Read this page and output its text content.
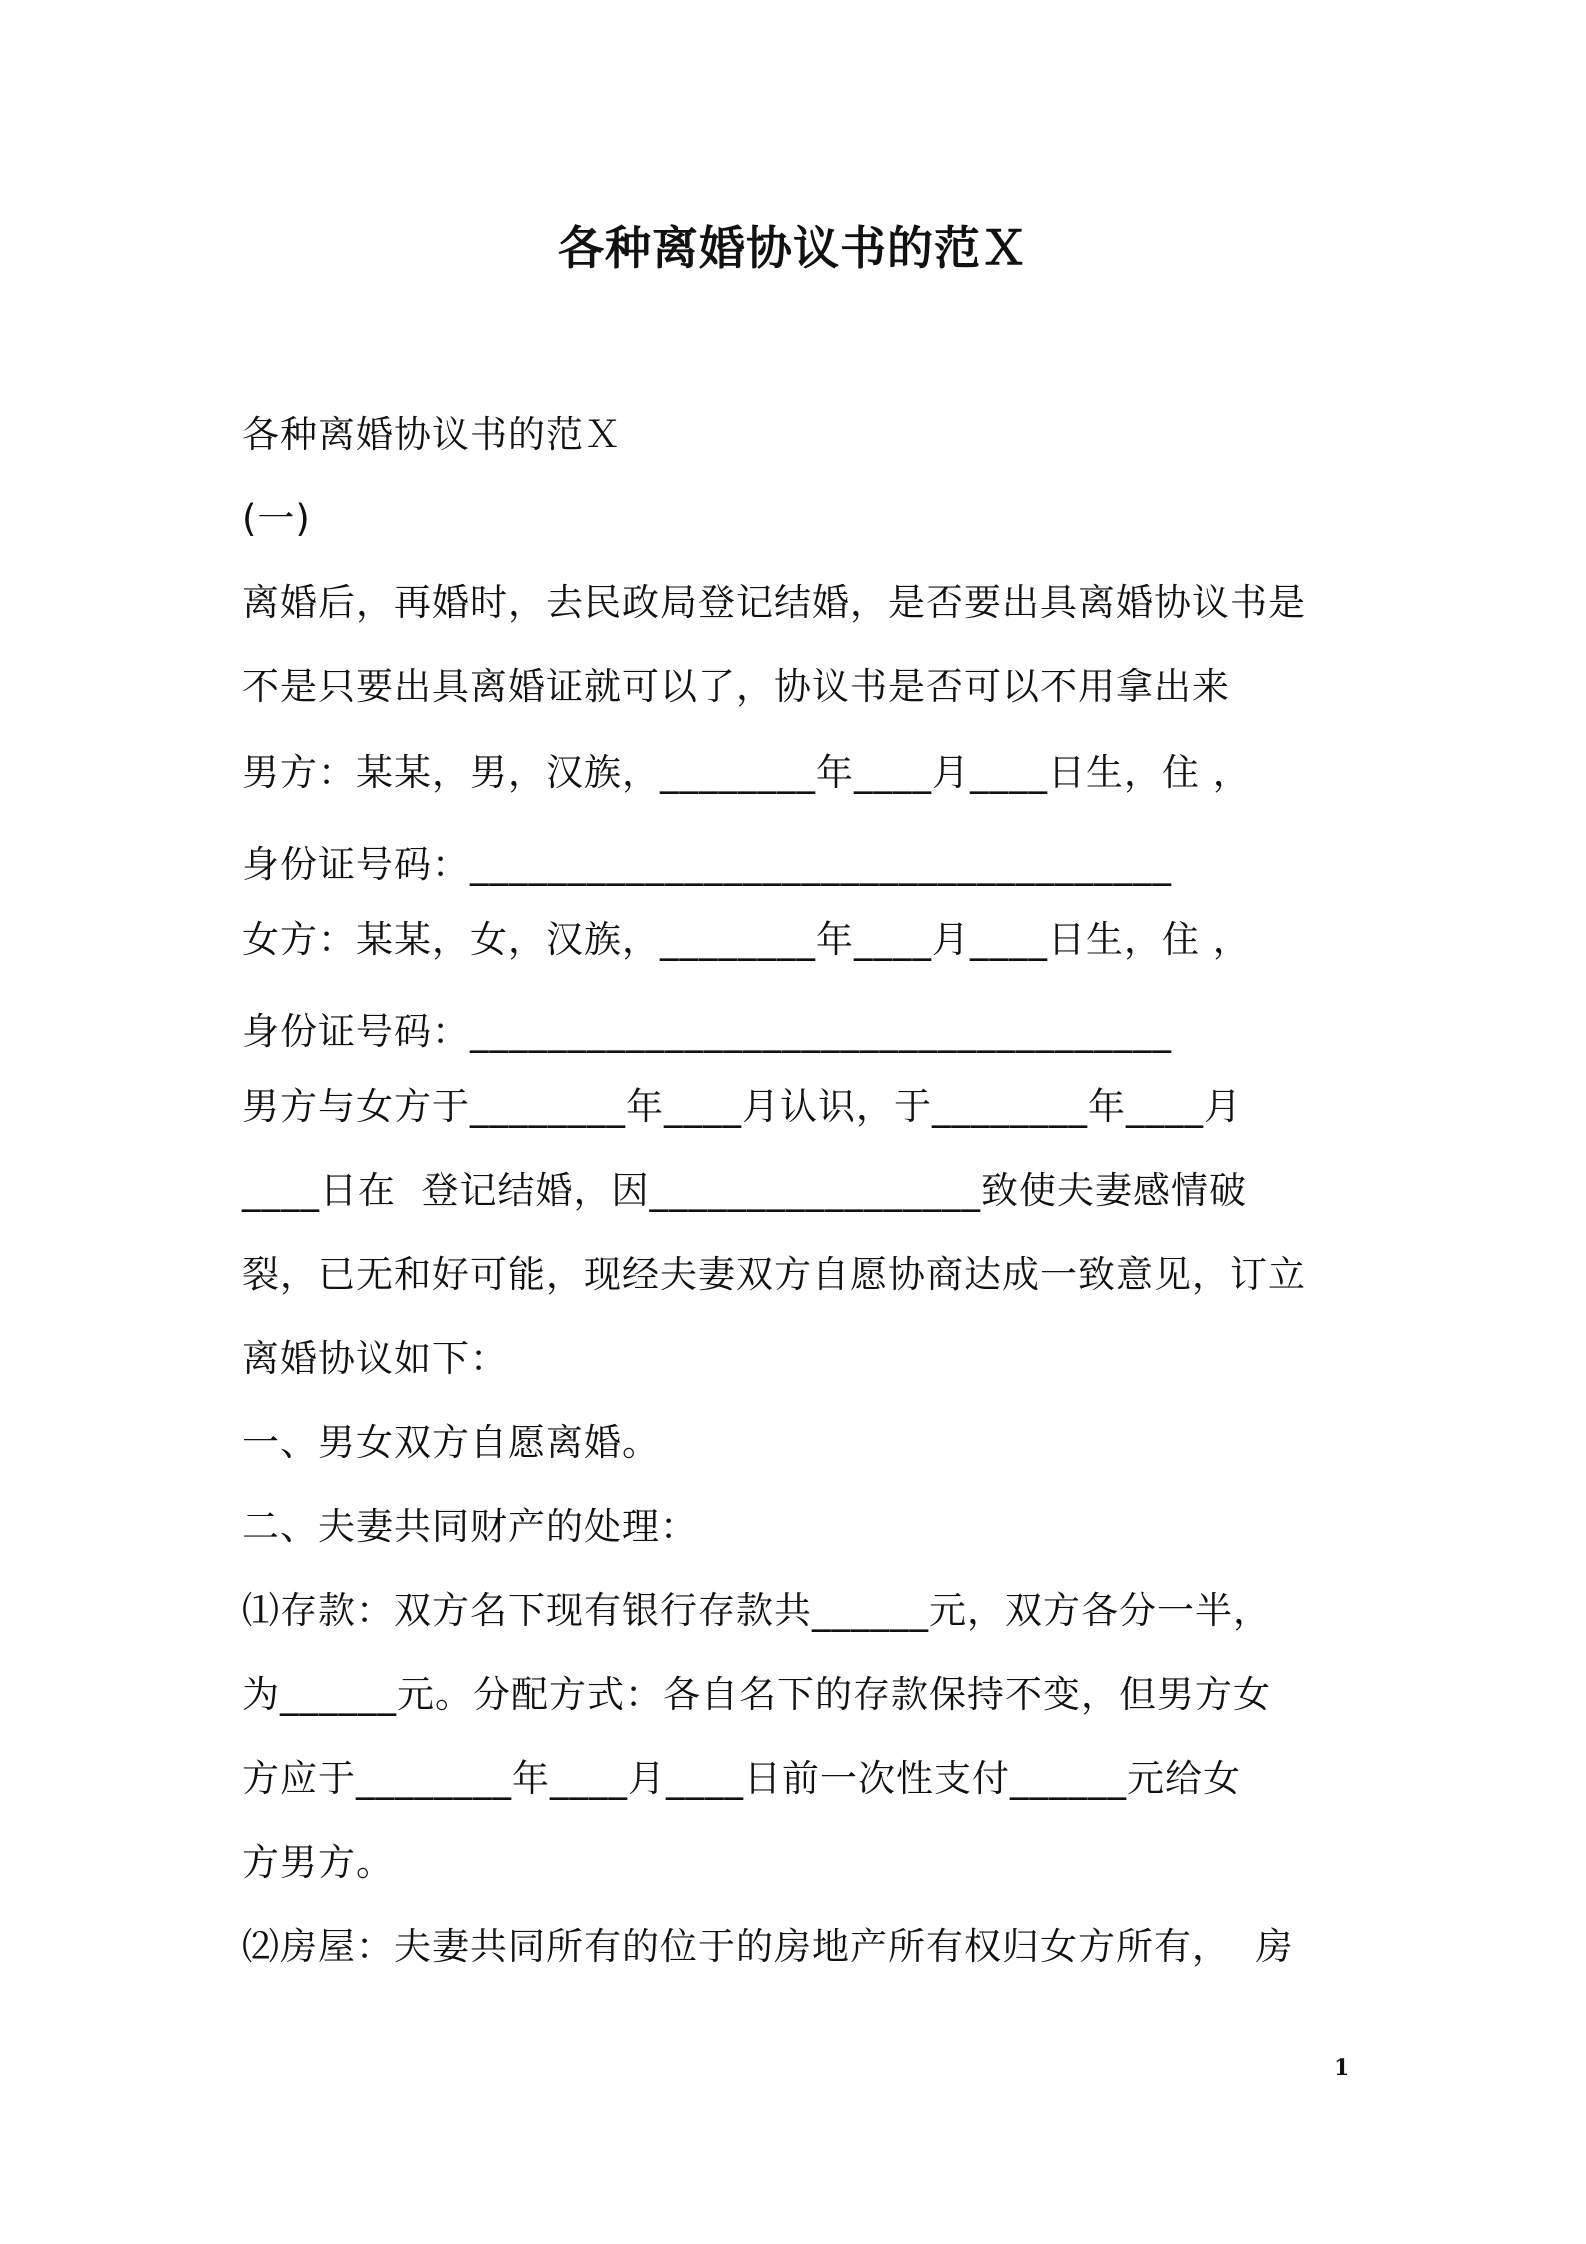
各种离婚协议书的范Ｘ
各种离婚协议书的范Ｘ
(一)
离婚后，再婚时，去民政局登记结婚，是否要出具离婚协议书是
不是只要出具离婚证就可以了，协议书是否可以不用拿出来
男方：某某，男，汉族，________年____月____日生，住 ，
身份证号码：____________________________________
女方：某某，女，汉族，________年____月____日生，住 ，
身份证号码：____________________________________
男方与女方于________年____月认识，于________年____月
____日在  登记结婚，因_________________致使夫妻感情破
裂，已无和好可能，现经夫妻双方自愿协商达成一致意见，订立
离婚协议如下：
一、男女双方自愿离婚。
二、夫妻共同财产的处理：
⑴存款：双方名下现有银行存款共______元，双方各分一半，
为______元。分配方式：各自名下的存款保持不变，但男方女
方应于________年____月____日前一次性支付______元给女
方男方。
⑵房屋：夫妻共同所有的位于的房地产所有权归女方所有，  房
1
